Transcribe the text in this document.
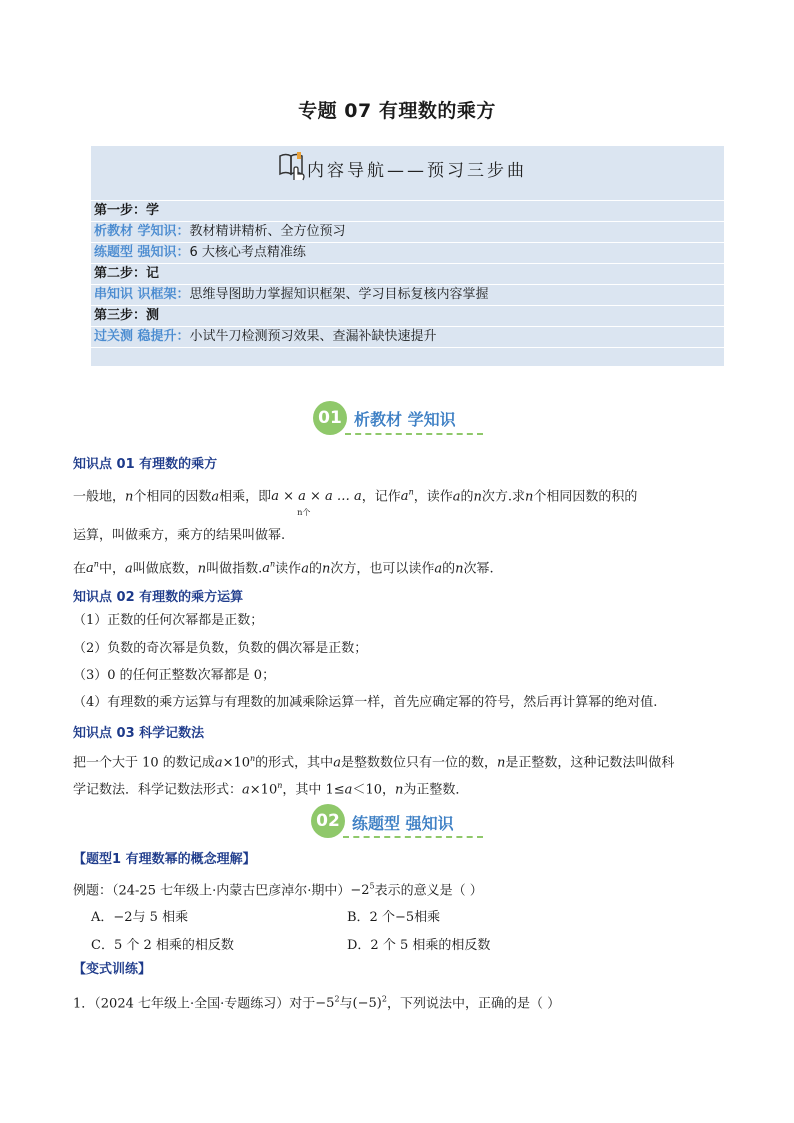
专题 07 有理数的乘方
内容导航——预习三步曲
第一步：学
析教材 学知识：教材精讲精析、全方位预习
练题型 强知识：6 大核心考点精准练
第二步：记
串知识 识框架：思维导图助力掌握知识框架、学习目标复核内容掌握
第三步：测
过关测 稳提升：小试牛刀检测预习效果、查漏补缺快速提升
01 析教材 学知识
知识点 01 有理数的乘方
一般地，n个相同的因数a相乘，即a × a × a … a
n个
，记作$a^n$，读作a的n次方.求n个相同因数的积的
运算，叫做乘方，乘方的结果叫做幂.
在$a^n$中，a叫做底数，n叫做指数$.a^n$读作a的n次方，也可以读作a的n次幂.
知识点 02 有理数的乘方运算
（1）正数的任何次幂都是正数；
（2）负数的奇次幂是负数，负数的偶次幂是正数；
（3）0 的任何正整数次幂都是 0；
（4）有理数的乘方运算与有理数的加减乘除运算一样，首先应确定幂的符号，然后再计算幂的绝对值.
知识点 03 科学记数法
把一个大于 10 的数记成$a\times 10^n$的形式，其中a是整数数位只有一位的数，n是正整数，这种记数法叫做科
学记数法．科学记数法形式：$a\times 10^n$，其中 1≤a＜10，n为正整数．
02 练题型 强知识
【题型1 有理数幂的概念理解】
例题：（24-25 七年级上·内蒙古巴彦淖尔·期中）$-2^5$表示的意义是（ ）
A．−2与 5 相乘	B．2 个−5相乘
C．5 个 2 相乘的相反数	D．2 个 5 相乘的相反数
【变式训练】
1．（2024 七年级上·全国·专题练习）对于$-5^2$与$(-5)^2$，下列说法中，正确的是（ ）
